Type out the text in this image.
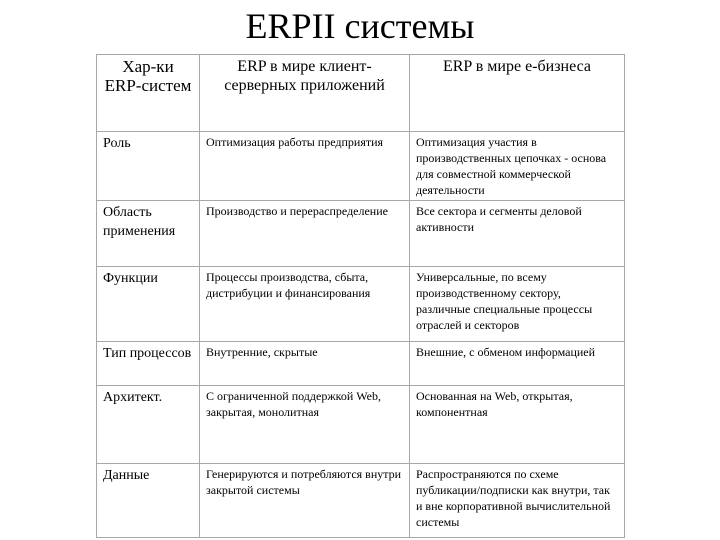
ERPII системы
Хар-ки ERP-систем	ERP в мире клиент-серверных приложений	ERP в мире е-бизнеса
Роль	Оптимизация работы предприятия	Оптимизация участия в производственных цепочках - основа для совместной коммерческой деятельности
Область применения	Производство и перераспределение	Все сектора и сегменты деловой активности
Функции	Процессы производства, сбыта, дистрибуции и финансирования	Универсальные, по всему производственному сектору, различные специальные процессы отраслей и секторов
Тип процессов	Внутренние, скрытые	Внешние, с обменом информацией
Архитект.	С ограниченной поддержкой Web, закрытая, монолитная	Основанная на Web, открытая, компонентная
Данные	Генерируются и потребляются внутри закрытой системы	Распространяются по схеме публикации/подписки как внутри, так и вне корпоративной вычислительной системы
